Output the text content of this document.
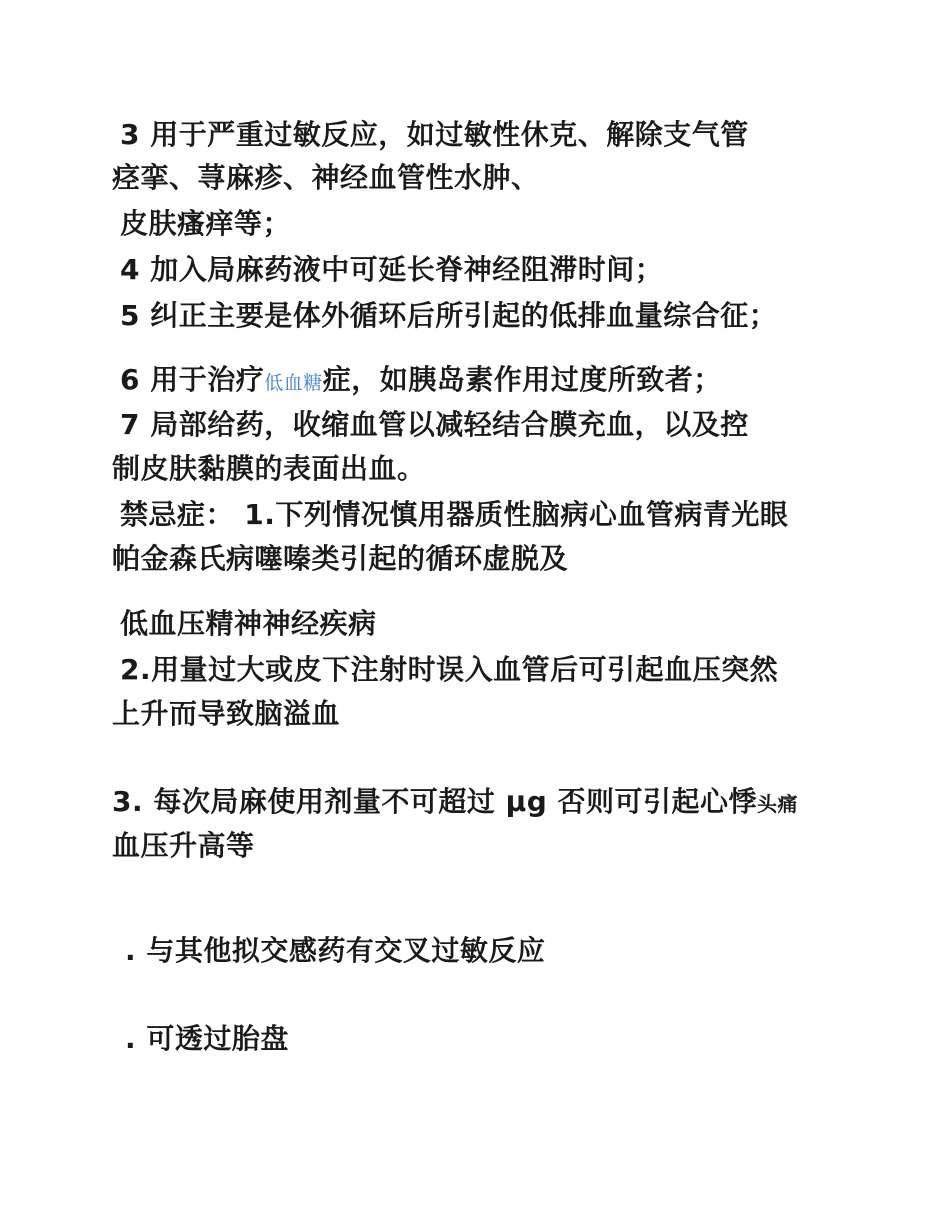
3 用于严重过敏反应，如过敏性休克、解除支气管
痉挛、荨麻疹、神经血管性水肿、
皮肤瘙痒等；
4 加入局麻药液中可延长脊神经阻滞时间；
5 纠正主要是体外循环后所引起的低排血量综合征；
6 用于治疗低血糖症，如胰岛素作用过度所致者；
7 局部给药，收缩血管以减轻结合膜充血，以及控
制皮肤黏膜的表面出血。
禁忌症： 1.下列情况慎用器质性脑病心血管病青光眼
帕金森氏病噻嗪类引起的循环虚脱及
低血压精神神经疾病
2.用量过大或皮下注射时误入血管后可引起血压突然
上升而导致脑溢血
3. 每次局麻使用剂量不可超过 μg 否则可引起心悸头痛
血压升高等
. 与其他拟交感药有交叉过敏反应
. 可透过胎盘
